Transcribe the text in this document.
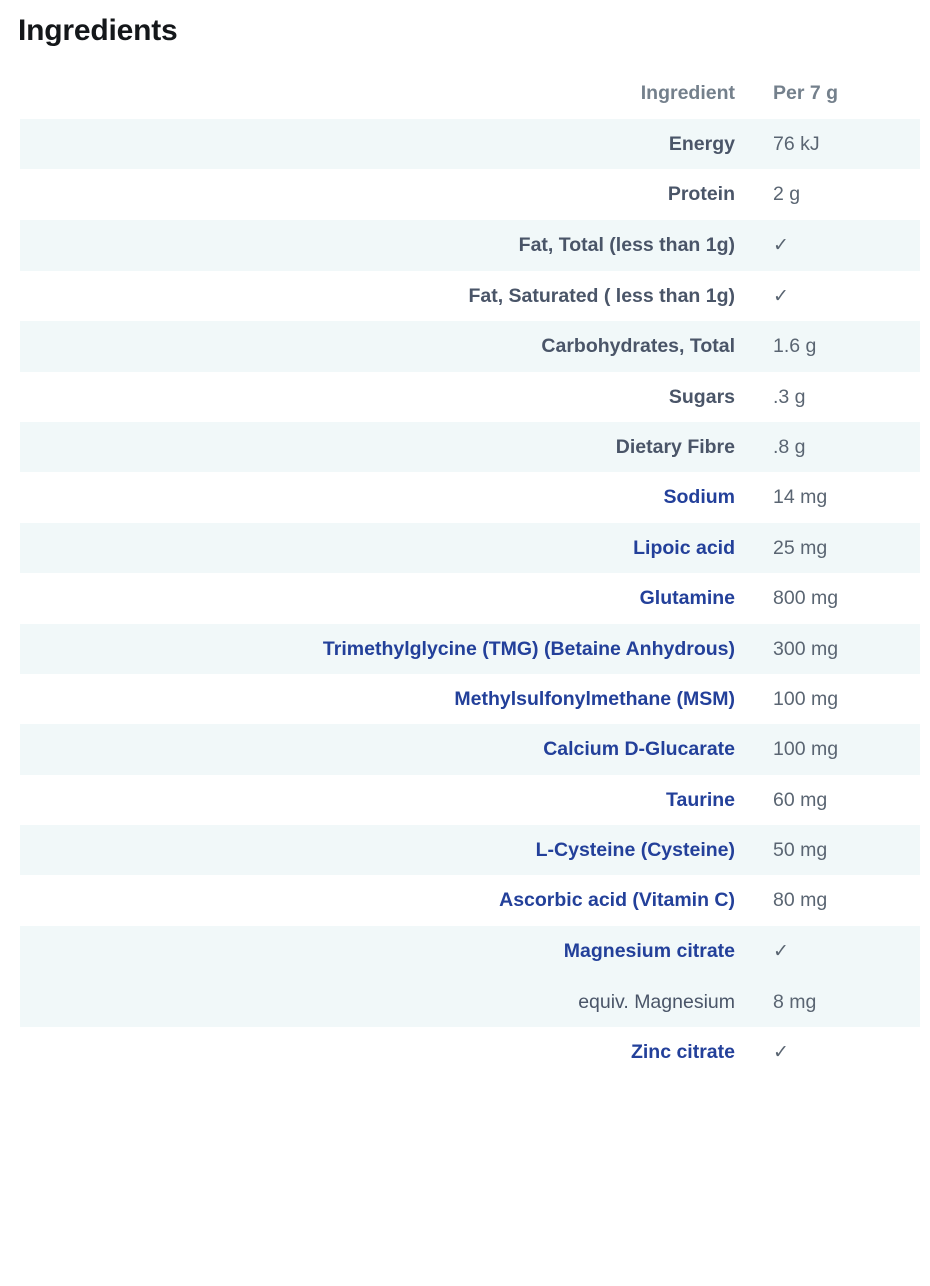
Ingredients
Ingredient	Per 7 g
Energy	76 kJ
Protein	2 g
Fat, Total (less than 1g)	✓
Fat, Saturated ( less than 1g)	✓
Carbohydrates, Total	1.6 g
Sugars	.3 g
Dietary Fibre	.8 g
Sodium	14 mg
Lipoic acid	25 mg
Glutamine	800 mg
Trimethylglycine (TMG) (Betaine Anhydrous)	300 mg
Methylsulfonylmethane (MSM)	100 mg
Calcium D-Glucarate	100 mg
Taurine	60 mg
L-Cysteine (Cysteine)	50 mg
Ascorbic acid (Vitamin C)	80 mg
Magnesium citrate	✓
equiv. Magnesium	8 mg
Zinc citrate	✓
